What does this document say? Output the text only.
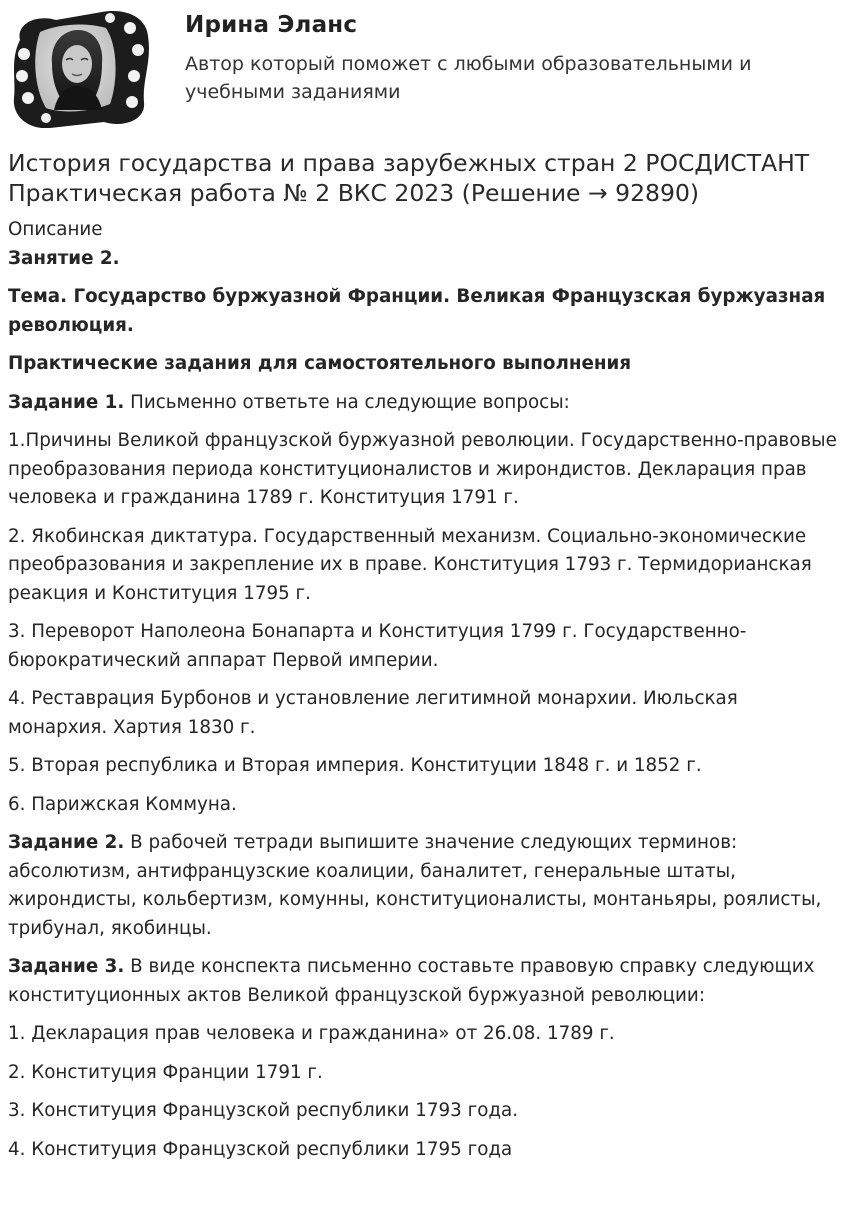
Ирина Эланс
Автор который поможет с любыми образовательными и учебными заданиями
История государства и права зарубежных стран 2 РОСДИСТАНТ Практическая работа № 2 ВКС 2023 (Решение → 92890)

Описание

Занятие 2.

Тема. Государство буржуазной Франции. Великая Французская буржуазная революция.

Практические задания для самостоятельного выполнения

Задание 1. Письменно ответьте на следующие вопросы:

1.Причины Великой французской буржуазной революции. Государственно-правовые преобразования периода конституционалистов и жирондистов. Декларация прав человека и гражданина 1789 г. Конституция 1791 г.

2. Якобинская диктатура. Государственный механизм. Социально-экономические преобразования и закрепление их в праве. Конституция 1793 г. Термидорианская реакция и Конституция 1795 г.

3. Переворот Наполеона Бонапарта и Конституция 1799 г. Государственно-бюрократический аппарат Первой империи.

4. Реставрация Бурбонов и установление легитимной монархии. Июльская монархия. Хартия 1830 г.

5. Вторая республика и Вторая империя. Конституции 1848 г. и 1852 г.

6. Парижская Коммуна.

Задание 2. В рабочей тетради выпишите значение следующих терминов: абсолютизм, антифранцузские коалиции, баналитет, генеральные штаты, жирондисты, кольбертизм, комунны, конституционалисты, монтаньяры, роялисты, трибунал, якобинцы.

Задание 3. В виде конспекта письменно составьте правовую справку следующих конституционных актов Великой французской буржуазной революции:

1. Декларация прав человека и гражданина» от 26.08. 1789 г.

2. Конституция Франции 1791 г.

3. Конституция Французской республики 1793 года.

4. Конституция Французской республики 1795 года
